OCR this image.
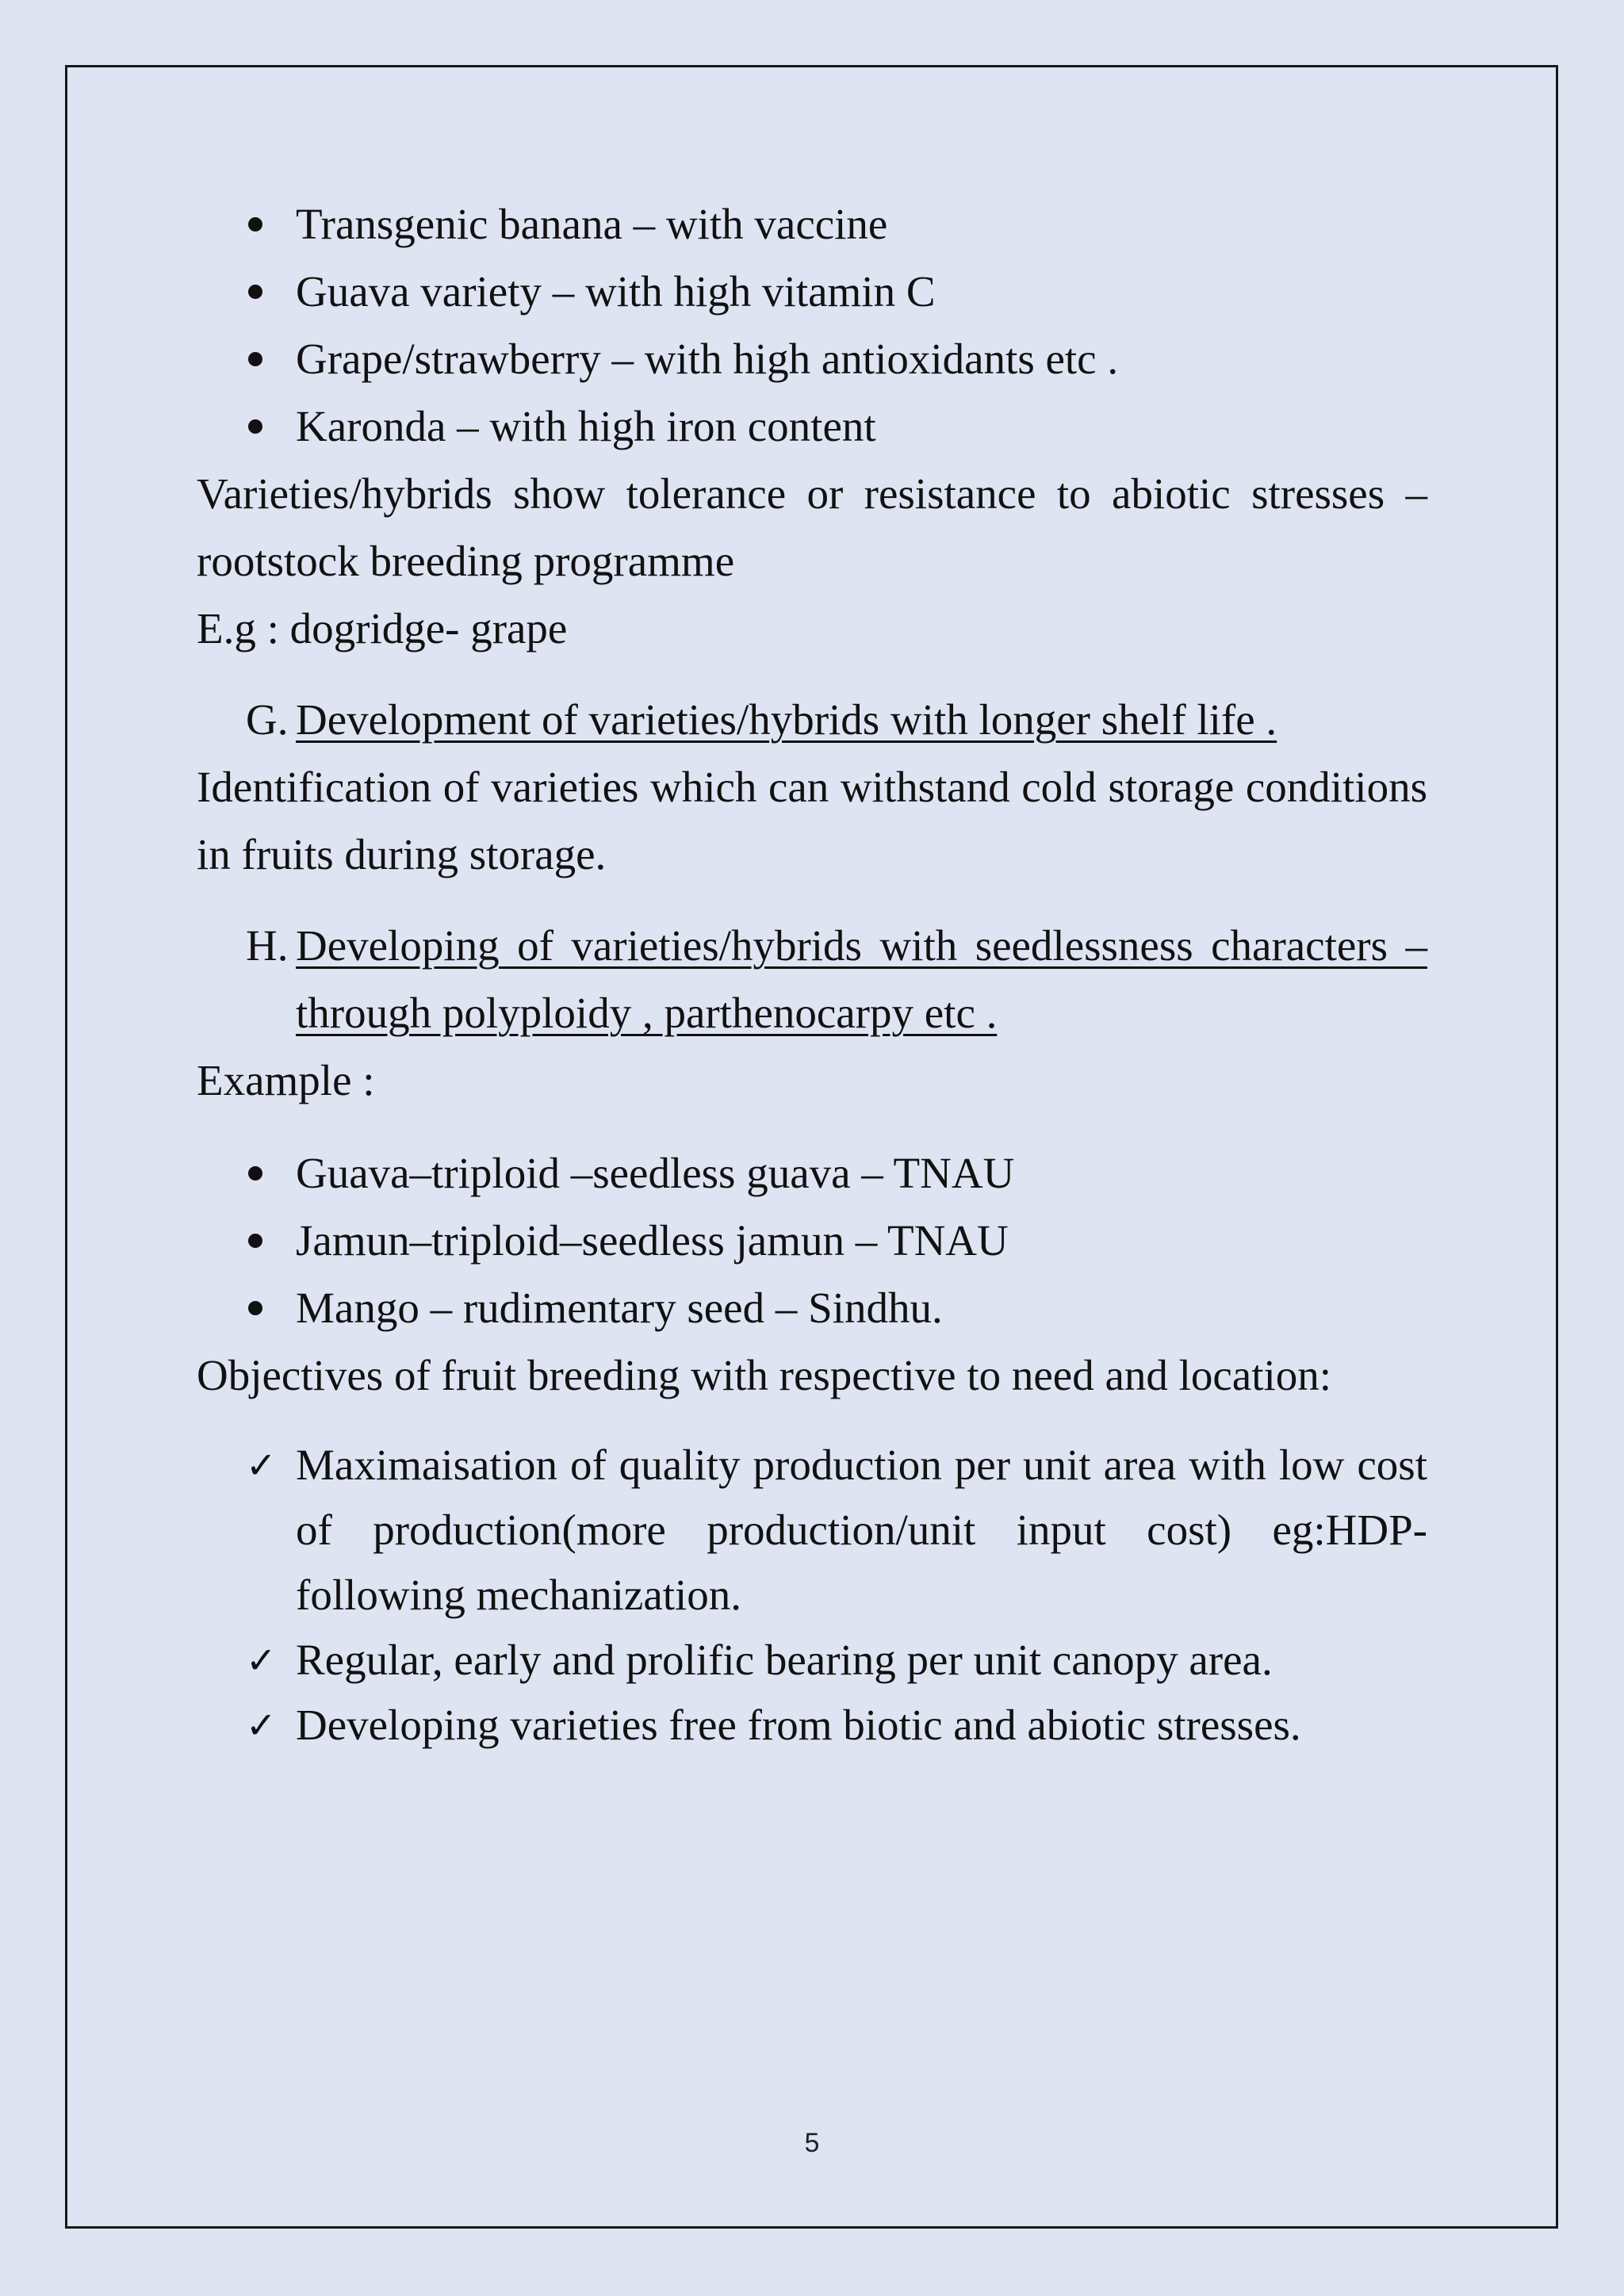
Transgenic banana – with vaccine
Guava variety – with high vitamin C
Grape/strawberry – with high antioxidants etc .
Karonda – with high iron content

Varieties/hybrids show tolerance or resistance to abiotic stresses – rootstock breeding programme

E.g : dogridge- grape

G. Development of varieties/hybrids with longer shelf life .

Identification of varieties which can withstand cold storage conditions in fruits during storage.

H. Developing of varieties/hybrids with seedlessness characters – through polyploidy , parthenocarpy etc .

Example :

Guava–triploid –seedless guava – TNAU
Jamun–triploid–seedless jamun – TNAU
Mango – rudimentary seed – Sindhu.

Objectives of fruit breeding with respective to need and location:

✓ Maximaisation of quality production per unit area with low cost of production(more production/unit input cost) eg:HDP-following mechanization.
✓ Regular, early and prolific bearing per unit canopy area.
✓ Developing varieties free from biotic and abiotic stresses.
5
